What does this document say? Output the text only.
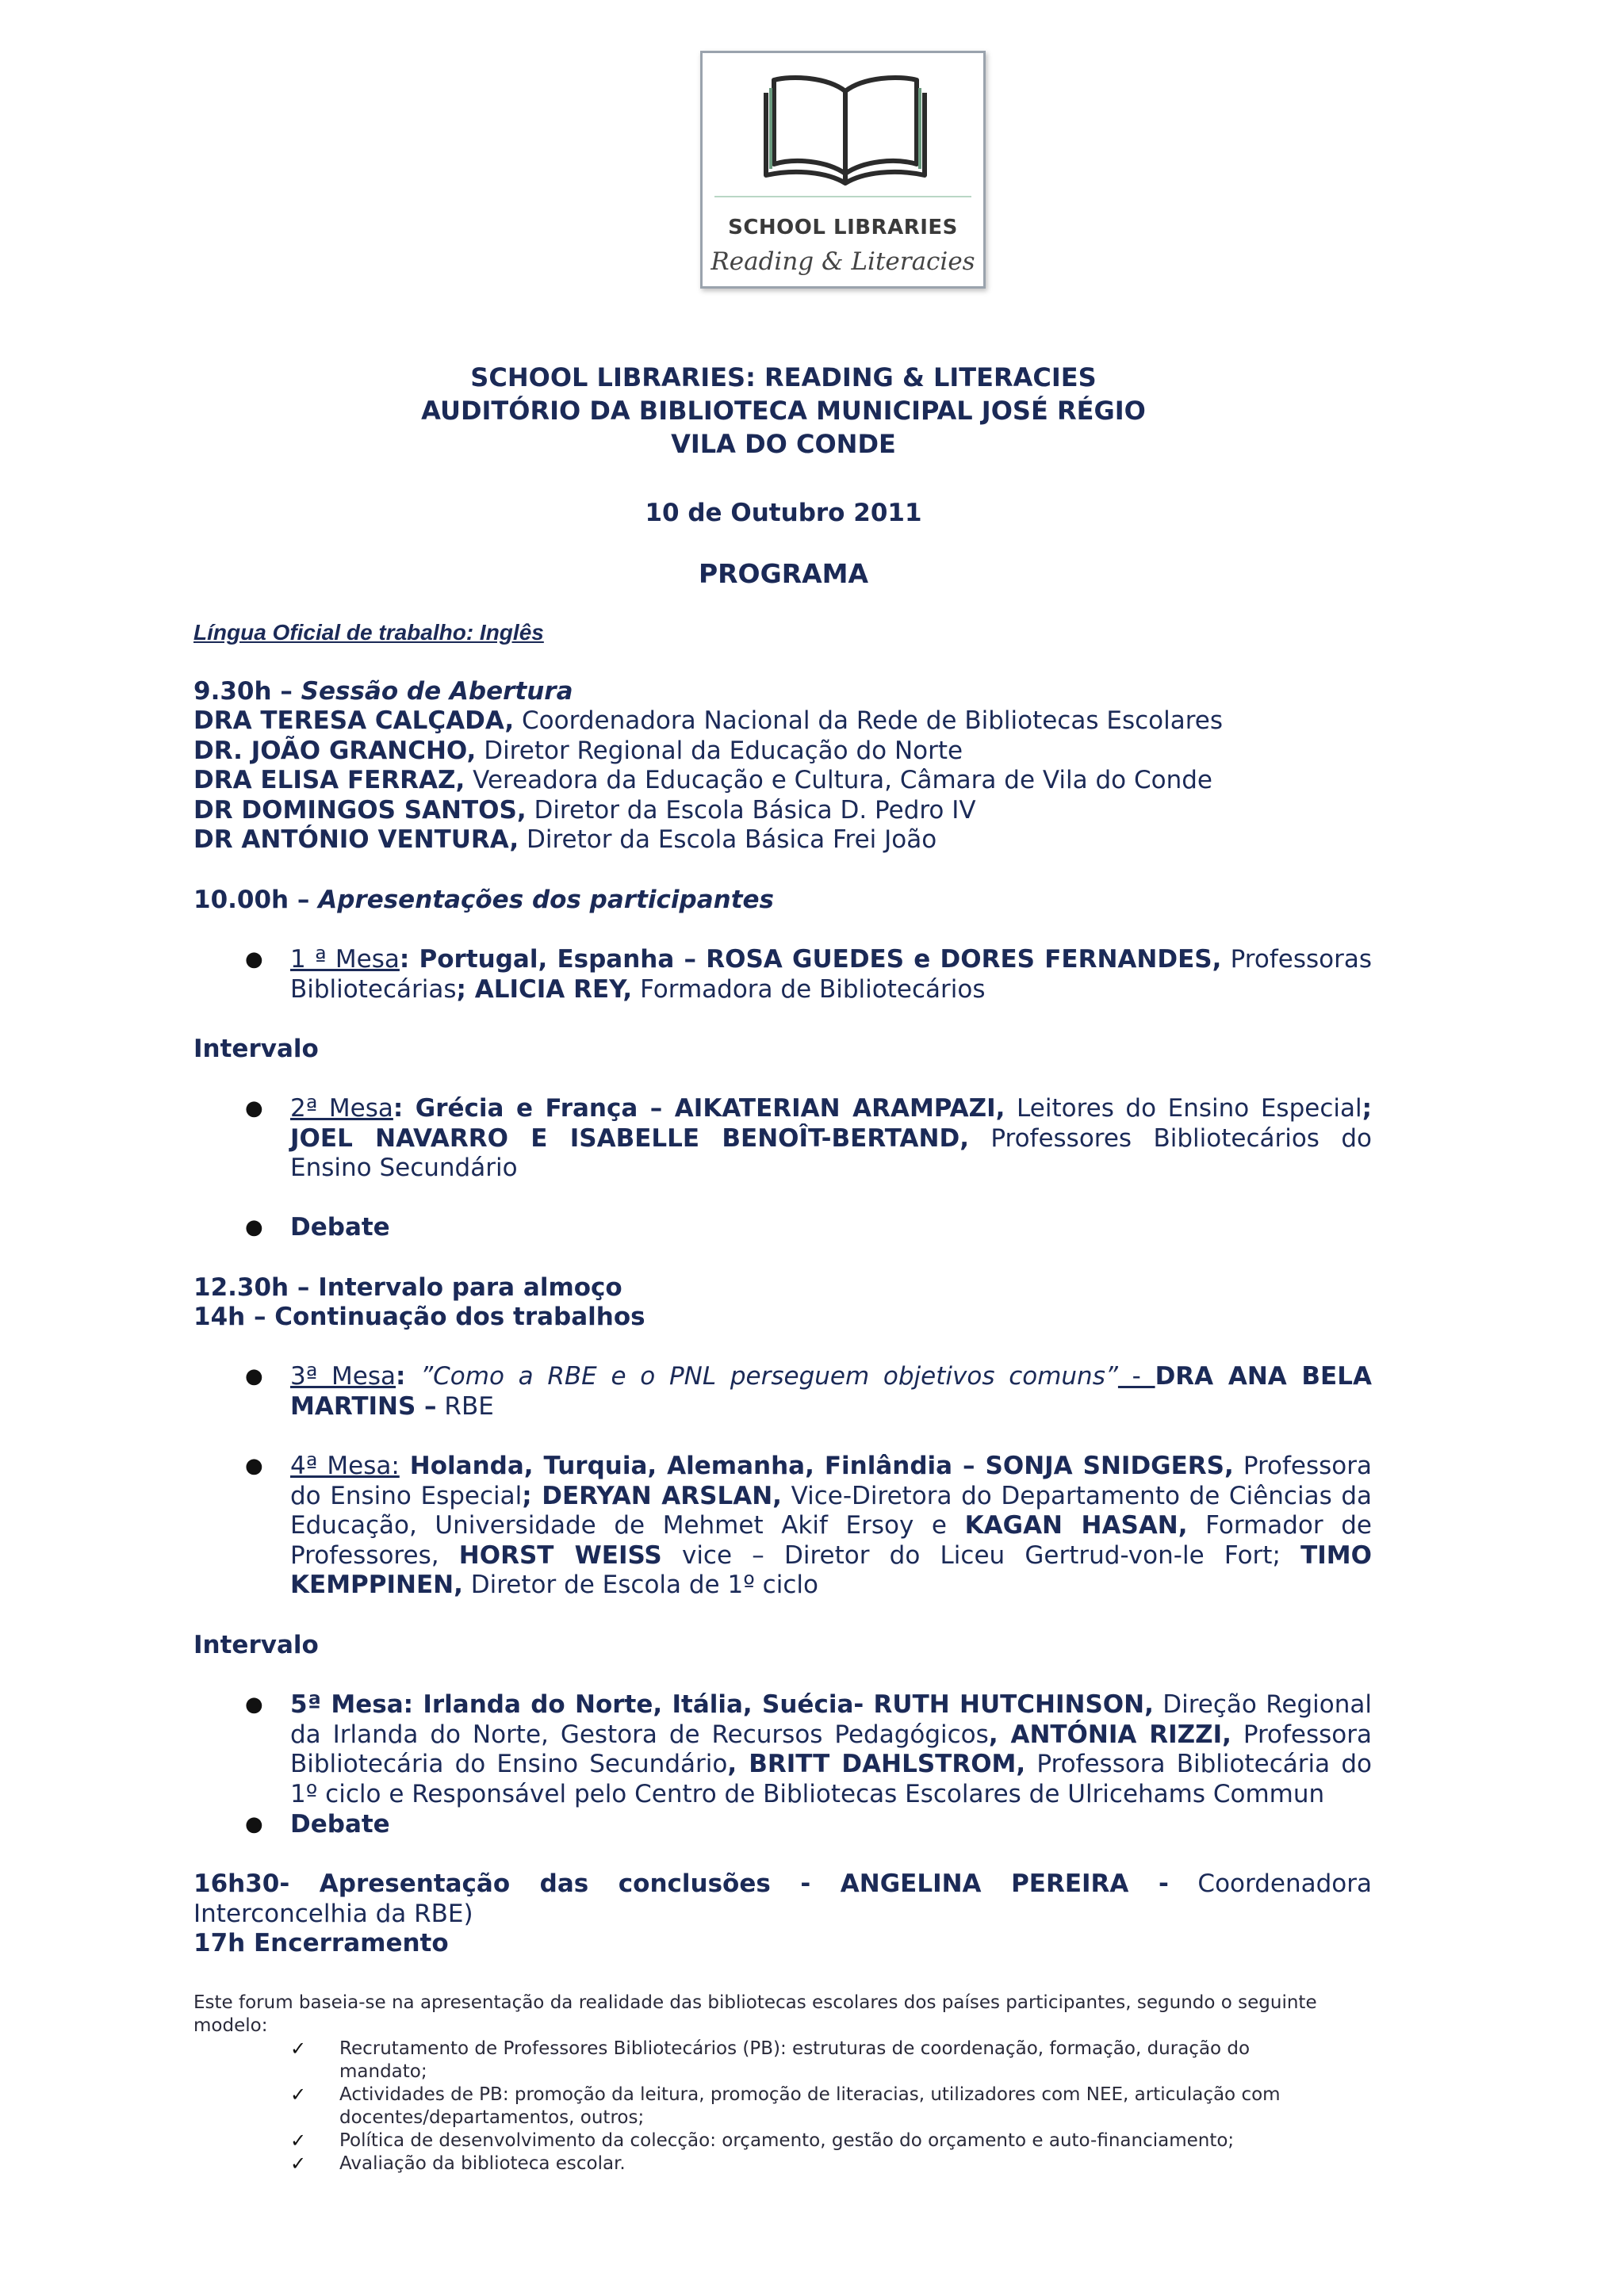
SCHOOL LIBRARIES
Reading & Literacies
SCHOOL LIBRARIES: READING & LITERACIES
AUDITÓRIO DA BIBLIOTECA MUNICIPAL JOSÉ RÉGIO
VILA DO CONDE
10 de Outubro 2011
PROGRAMA
Língua Oficial de trabalho: Inglês
9.30h – Sessão de Abertura
DRA TERESA CALÇADA, Coordenadora Nacional da Rede de Bibliotecas Escolares
DR. JOÃO GRANCHO, Diretor Regional da Educação do Norte
DRA ELISA FERRAZ, Vereadora da Educação e Cultura, Câmara de Vila do Conde
DR DOMINGOS SANTOS, Diretor da Escola Básica D. Pedro IV
DR ANTÓNIO VENTURA, Diretor da Escola Básica Frei João
10.00h – Apresentações dos participantes
● 1 ª Mesa: Portugal, Espanha – ROSA GUEDES e DORES FERNANDES, Professoras
Bibliotecárias; ALICIA REY, Formadora de Bibliotecários
Intervalo
● 2ª Mesa: Grécia e França – AIKATERIAN ARAMPAZI, Leitores do Ensino Especial;
JOEL NAVARRO E ISABELLE BENOÎT-BERTAND, Professores Bibliotecários do
Ensino Secundário
● Debate
12.30h – Intervalo para almoço
14h – Continuação dos trabalhos
● 3ª Mesa: ”Como a RBE e o PNL perseguem objetivos comuns” - DRA ANA BELA
MARTINS – RBE
● 4ª Mesa: Holanda, Turquia, Alemanha, Finlândia – SONJA SNIDGERS, Professora
do Ensino Especial; DERYAN ARSLAN, Vice-Diretora do Departamento de Ciências da
Educação, Universidade de Mehmet Akif Ersoy e KAGAN HASAN, Formador de
Professores, HORST WEISS vice – Diretor do Liceu Gertrud-von-le Fort; TIMO
KEMPPINEN, Diretor de Escola de 1º ciclo
Intervalo
● 5ª Mesa: Irlanda do Norte, Itália, Suécia- RUTH HUTCHINSON, Direção Regional
da Irlanda do Norte, Gestora de Recursos Pedagógicos, ANTÓNIA RIZZI, Professora
Bibliotecária do Ensino Secundário, BRITT DAHLSTROM, Professora Bibliotecária do
1º ciclo e Responsável pelo Centro de Bibliotecas Escolares de Ulricehams Commun
● Debate
16h30- Apresentação das conclusões - ANGELINA PEREIRA - Coordenadora
Interconcelhia da RBE)
17h Encerramento
Este forum baseia-se na apresentação da realidade das bibliotecas escolares dos países participantes, segundo o seguinte
modelo:
✓ Recrutamento de Professores Bibliotecários (PB): estruturas de coordenação, formação, duração do
mandato;
✓ Actividades de PB: promoção da leitura, promoção de literacias, utilizadores com NEE, articulação com
docentes/departamentos, outros;
✓ Política de desenvolvimento da colecção: orçamento, gestão do orçamento e auto-financiamento;
✓ Avaliação da biblioteca escolar.
